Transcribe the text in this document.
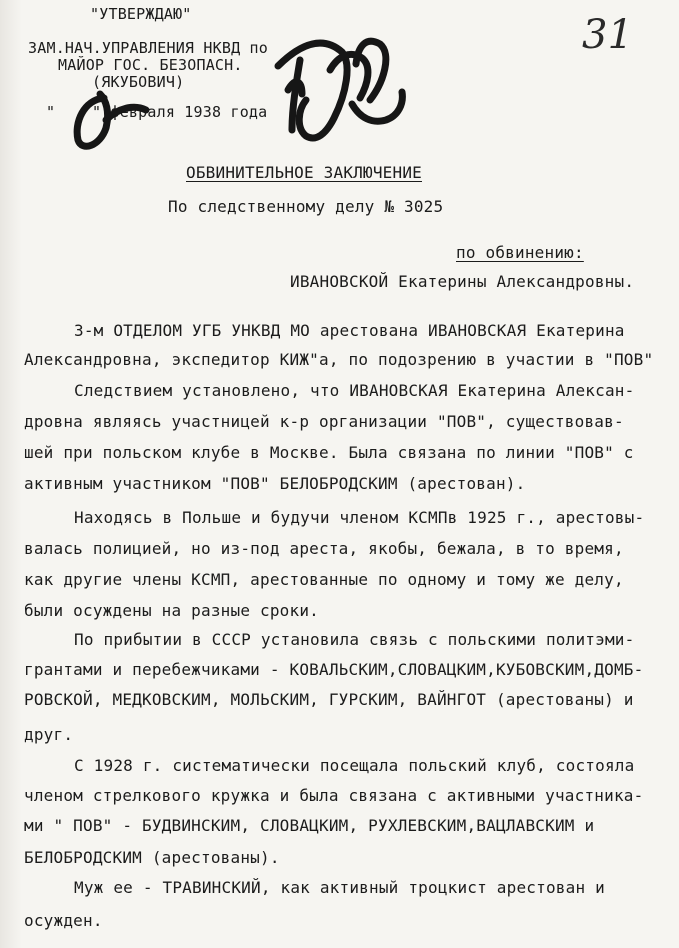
"УТВЕРЖДАЮ"
ЗАМ.НАЧ.УПРАВЛЕНИЯ НКВД по
МАЙОР ГОС. БЕЗОПАСН.
(ЯКУБОВИЧ)
" " февраля 1938 года
31
ОБВИНИТЕЛЬНОЕ ЗАКЛЮЧЕНИЕ
По следственному делу № 3025
по обвинению:
ИВАНОВСКОЙ Екатерины Александровны.
3-м ОТДЕЛОМ УГБ УНКВД МО арестована ИВАНОВСКАЯ Екатерина
Александровна, экспедитор КИЖ"а, по подозрению в участии в "ПОВ"
Следствием установлено, что ИВАНОВСКАЯ Екатерина Алексан-
дровна являясь участницей к-р организации "ПОВ", существовав-
шей при польском клубе в Москве. Была связана по линии "ПОВ" с
активным участником "ПОВ" БЕЛОБРОДСКИМ (арестован).
Находясь в Польше и будучи членом КСМПв 1925 г., арестовы-
валась полицией, но из-под ареста, якобы, бежала, в то время,
как другие члены КСМП, арестованные по одному и тому же делу,
были осуждены на разные сроки.
По прибытии в СССР установила связь с польскими политэми-
грантами и перебежчиками - КОВАЛЬСКИМ,СЛОВАЦКИМ,КУБОВСКИМ,ДОМБ-
РОВСКОЙ, МЕДКОВСКИМ, МОЛЬСКИМ, ГУРСКИМ, ВАЙНГОТ (арестованы) и
друг.
С 1928 г. систематически посещала польский клуб, состояла
членом стрелкового кружка и была связана с активными участника-
ми " ПОВ" - БУДВИНСКИМ, СЛОВАЦКИМ, РУХЛЕВСКИМ,ВАЦЛАВСКИМ и
БЕЛОБРОДСКИМ (арестованы).
Муж ее - ТРАВИНСКИЙ, как активный троцкист арестован и
осужден.
